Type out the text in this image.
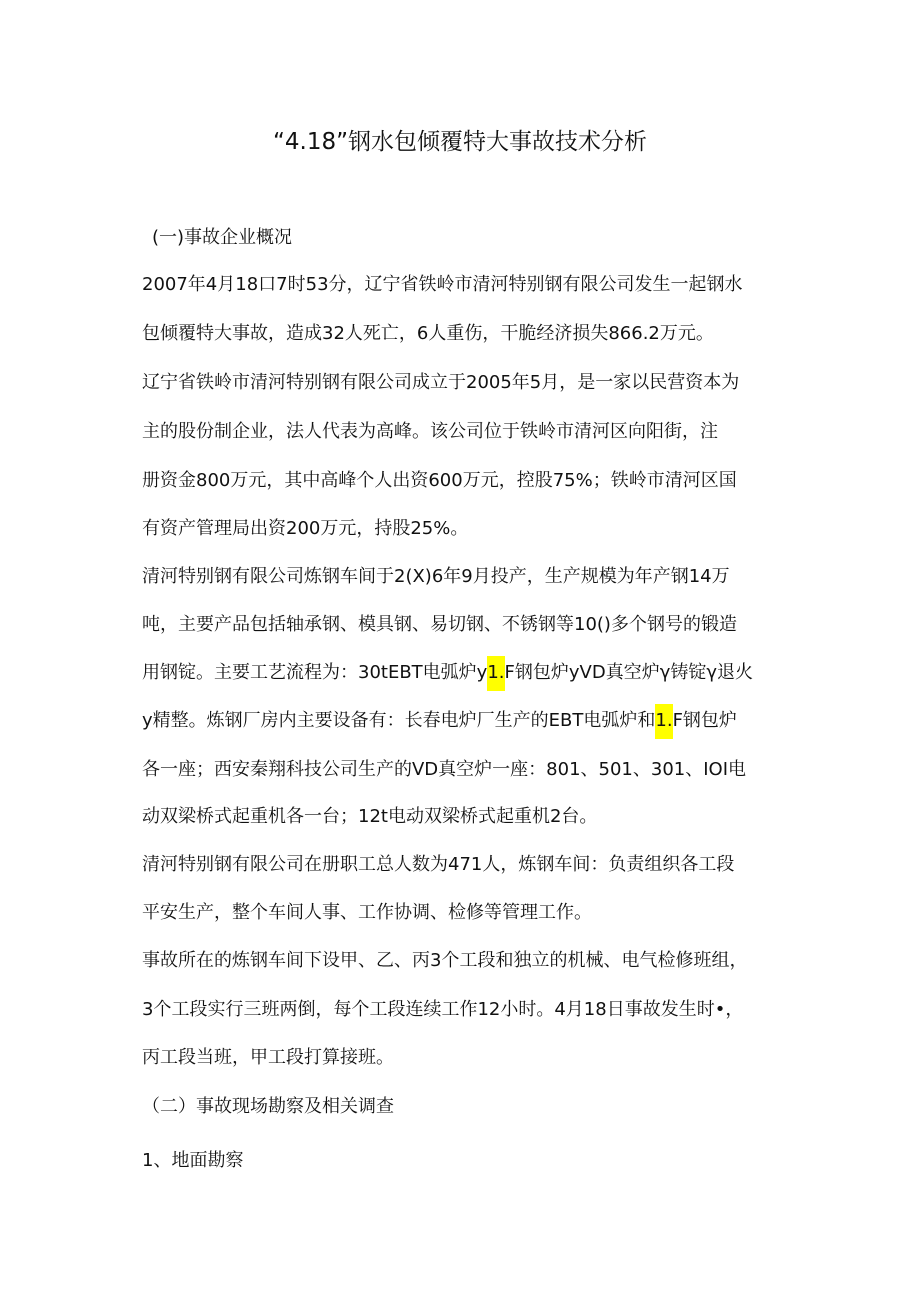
“4.18”钢水包倾覆特大事故技术分析
(一)事故企业概况
2007年4月18口7时53分，辽宁省铁岭市清河特别钢有限公司发生一起钢水
包倾覆特大事故，造成32人死亡，6人重伤，干脆经济损失866.2万元。
辽宁省铁岭市清河特别钢有限公司成立于2005年5月，是一家以民营资本为
主的股份制企业，法人代表为高峰。该公司位于铁岭市清河区向阳街，注
册资金800万元，其中高峰个人出资600万元，控股75%；铁岭市清河区国
有资产管理局出资200万元，持股25%。
清河特别钢有限公司炼钢车间于2(X)6年9月投产，生产规模为年产钢14万
吨，主要产品包括轴承钢、模具钢、易切钢、不锈钢等10()多个钢号的锻造
用钢锭。主要工艺流程为：30tEBT电弧炉y1.F钢包炉yVD真空炉γ铸锭γ退火
y精整。炼钢厂房内主要设备有：长春电炉厂生产的EBT电弧炉和1.F钢包炉
各一座；西安秦翔科技公司生产的VD真空炉一座：801、501、301、IOI电
动双梁桥式起重机各一台；12t电动双梁桥式起重机2台。
清河特别钢有限公司在册职工总人数为471人，炼钢车间：负责组织各工段
平安生产，整个车间人事、工作协调、检修等管理工作。
事故所在的炼钢车间下设甲、乙、丙3个工段和独立的机械、电气检修班组，
3个工段实行三班两倒，每个工段连续工作12小时。4月18日事故发生时•，
丙工段当班，甲工段打算接班。
（二）事故现场勘察及相关调查
1、地面勘察
